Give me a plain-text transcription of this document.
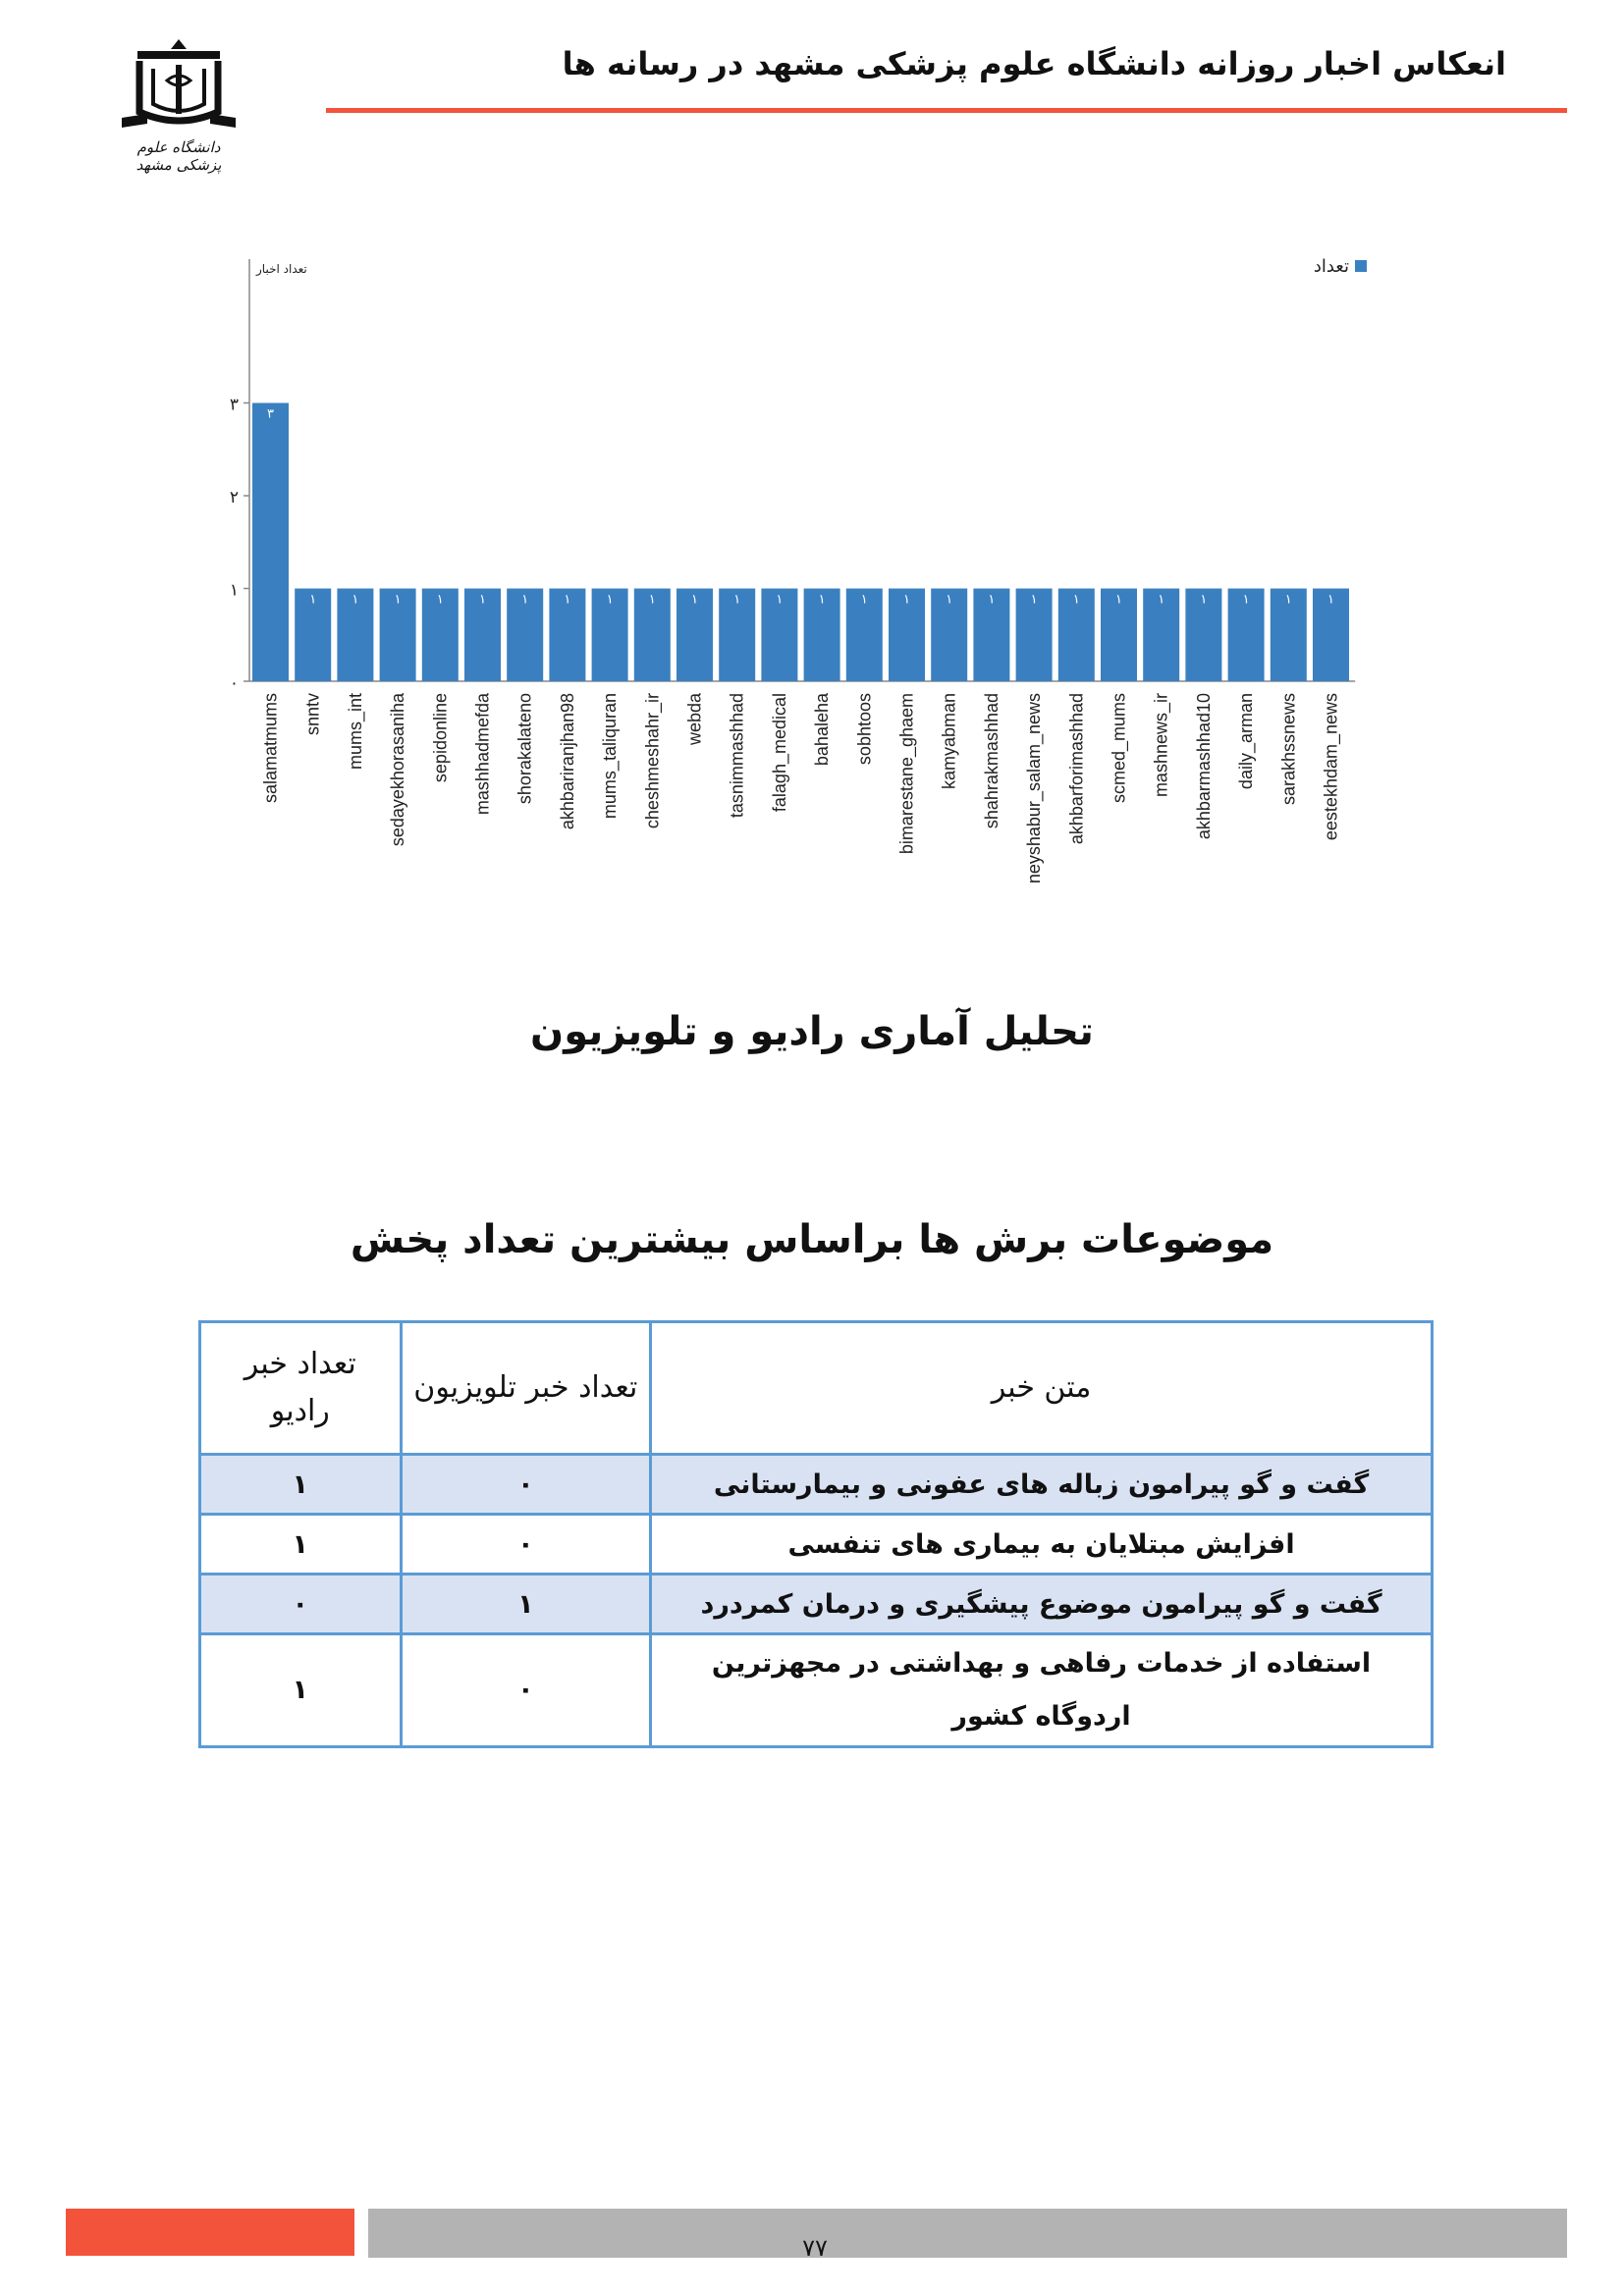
دانشگاه علوم پزشکی مشهد
انعکاس اخبار روزانه دانشگاه علوم پزشکی مشهد در رسانه ها
۰
۱
۲
۳
تعداد اخبار	تعداد
۳
salamatmums
۱
snntv
۱
mums_int
۱
sedayekhorasaniha
۱
sepidonline
۱
mashhadmefda
۱
shorakalateno
۱
akhbariranjhan98
۱
mums_taliquran
۱
cheshmeshahr_ir
۱
webda
۱
tasnimmashhad
۱
falagh_medical
۱
bahaleha
۱
sobhtoos
۱
bimarestane_ghaem
۱
kamyabman
۱
shahrakmashhad
۱
neyshabur_salam_news
۱
akhbarforimashhad
۱
scmed_mums
۱
mashnews_ir
۱
akhbarmashhad10
۱
daily_arman
۱
sarakhssnews
۱
eestekhdam_news
تحلیل آماری رادیو و تلویزیون
موضوعات برش ها براساس بیشترین تعداد پخش
متن خبر	تعداد خبر تلویزیون	تعداد خبر رادیو
گفت و گو پیرامون زباله های عفونی و بیمارستانی	۰	۱
افزایش مبتلایان به بیماری های تنفسی	۰	۱
گفت و گو پیرامون موضوع پیشگیری و درمان کمردرد	۱	۰
استفاده از خدمات رفاهی و بهداشتی در مجهزترین اردوگاه کشور	۰	۱
۷۷
